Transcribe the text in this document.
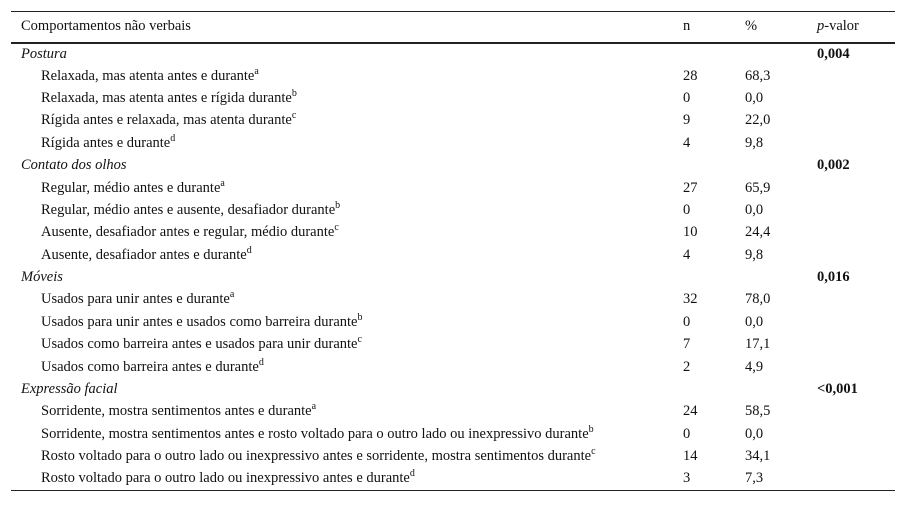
Comportamentos não verbais	n	%	p-valor
Postura			0,004
Relaxada, mas atenta antes e durante$^a$	28	68,3	
Relaxada, mas atenta antes e rígida durante$^b$	0	0,0	
Rígida antes e relaxada, mas atenta durante$^c$	9	22,0	
Rígida antes e durante$^d$	4	9,8	
Contato dos olhos			0,002
Regular, médio antes e durante$^a$	27	65,9	
Regular, médio antes e ausente, desafiador durante$^b$	0	0,0	
Ausente, desafiador antes e regular, médio durante$^c$	10	24,4	
Ausente, desafiador antes e durante$^d$	4	9,8	
Móveis			0,016
Usados para unir antes e durante$^a$	32	78,0	
Usados para unir antes e usados como barreira durante$^b$	0	0,0	
Usados como barreira antes e usados para unir durante$^c$	7	17,1	
Usados como barreira antes e durante$^d$	2	4,9	
Expressão facial			<0,001
Sorridente, mostra sentimentos antes e durante$^a$	24	58,5	
Sorridente, mostra sentimentos antes e rosto voltado para o outro lado ou inexpressivo durante$^b$	0	0,0	
Rosto voltado para o outro lado ou inexpressivo antes e sorridente, mostra sentimentos durante$^c$	14	34,1	
Rosto voltado para o outro lado ou inexpressivo antes e durante$^d$	3	7,3	
